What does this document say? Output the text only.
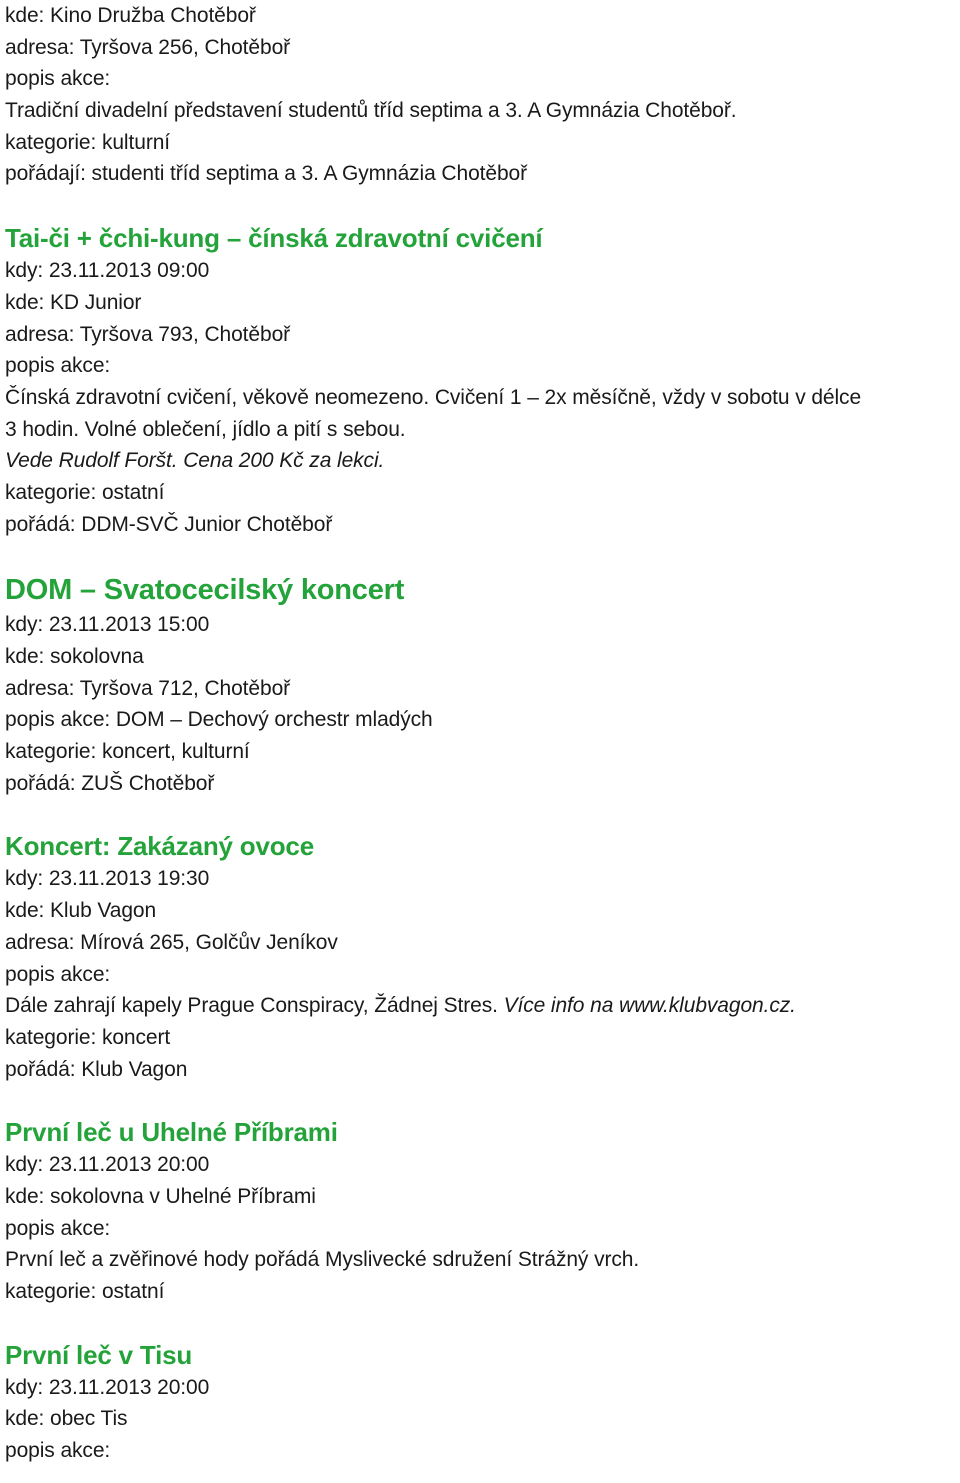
kde: Kino Družba Chotěboř
adresa: Tyršova 256, Chotěboř
popis akce:
Tradiční divadelní představení studentů tříd septima a 3. A Gymnázia Chotěboř.
kategorie: kulturní
pořádají: studenti tříd septima a 3. A Gymnázia Chotěboř
Tai-či + čchi-kung – čínská zdravotní cvičení
kdy: 23.11.2013 09:00
kde: KD Junior
adresa: Tyršova 793, Chotěboř
popis akce:
Čínská zdravotní cvičení, věkově neomezeno. Cvičení 1 – 2x měsíčně, vždy v sobotu v délce
3 hodin. Volné oblečení, jídlo a pití s sebou.
Vede Rudolf Foršt. Cena 200 Kč za lekci.
kategorie: ostatní
pořádá: DDM-SVČ Junior Chotěboř
DOM – Svatocecilský koncert
kdy: 23.11.2013 15:00
kde: sokolovna
adresa: Tyršova 712, Chotěboř
popis akce: DOM – Dechový orchestr mladých
kategorie: koncert, kulturní
pořádá: ZUŠ Chotěboř
Koncert: Zakázaný ovoce
kdy: 23.11.2013 19:30
kde: Klub Vagon
adresa: Mírová 265, Golčův Jeníkov
popis akce:
Dále zahrají kapely Prague Conspiracy, Žádnej Stres. Více info na www.klubvagon.cz.
kategorie: koncert
pořádá: Klub Vagon
První leč u Uhelné Příbrami
kdy: 23.11.2013 20:00
kde: sokolovna v Uhelné Příbrami
popis akce:
První leč a zvěřinové hody pořádá Myslivecké sdružení Strážný vrch.
kategorie: ostatní
První leč v Tisu
kdy: 23.11.2013 20:00
kde: obec Tis
popis akce:
